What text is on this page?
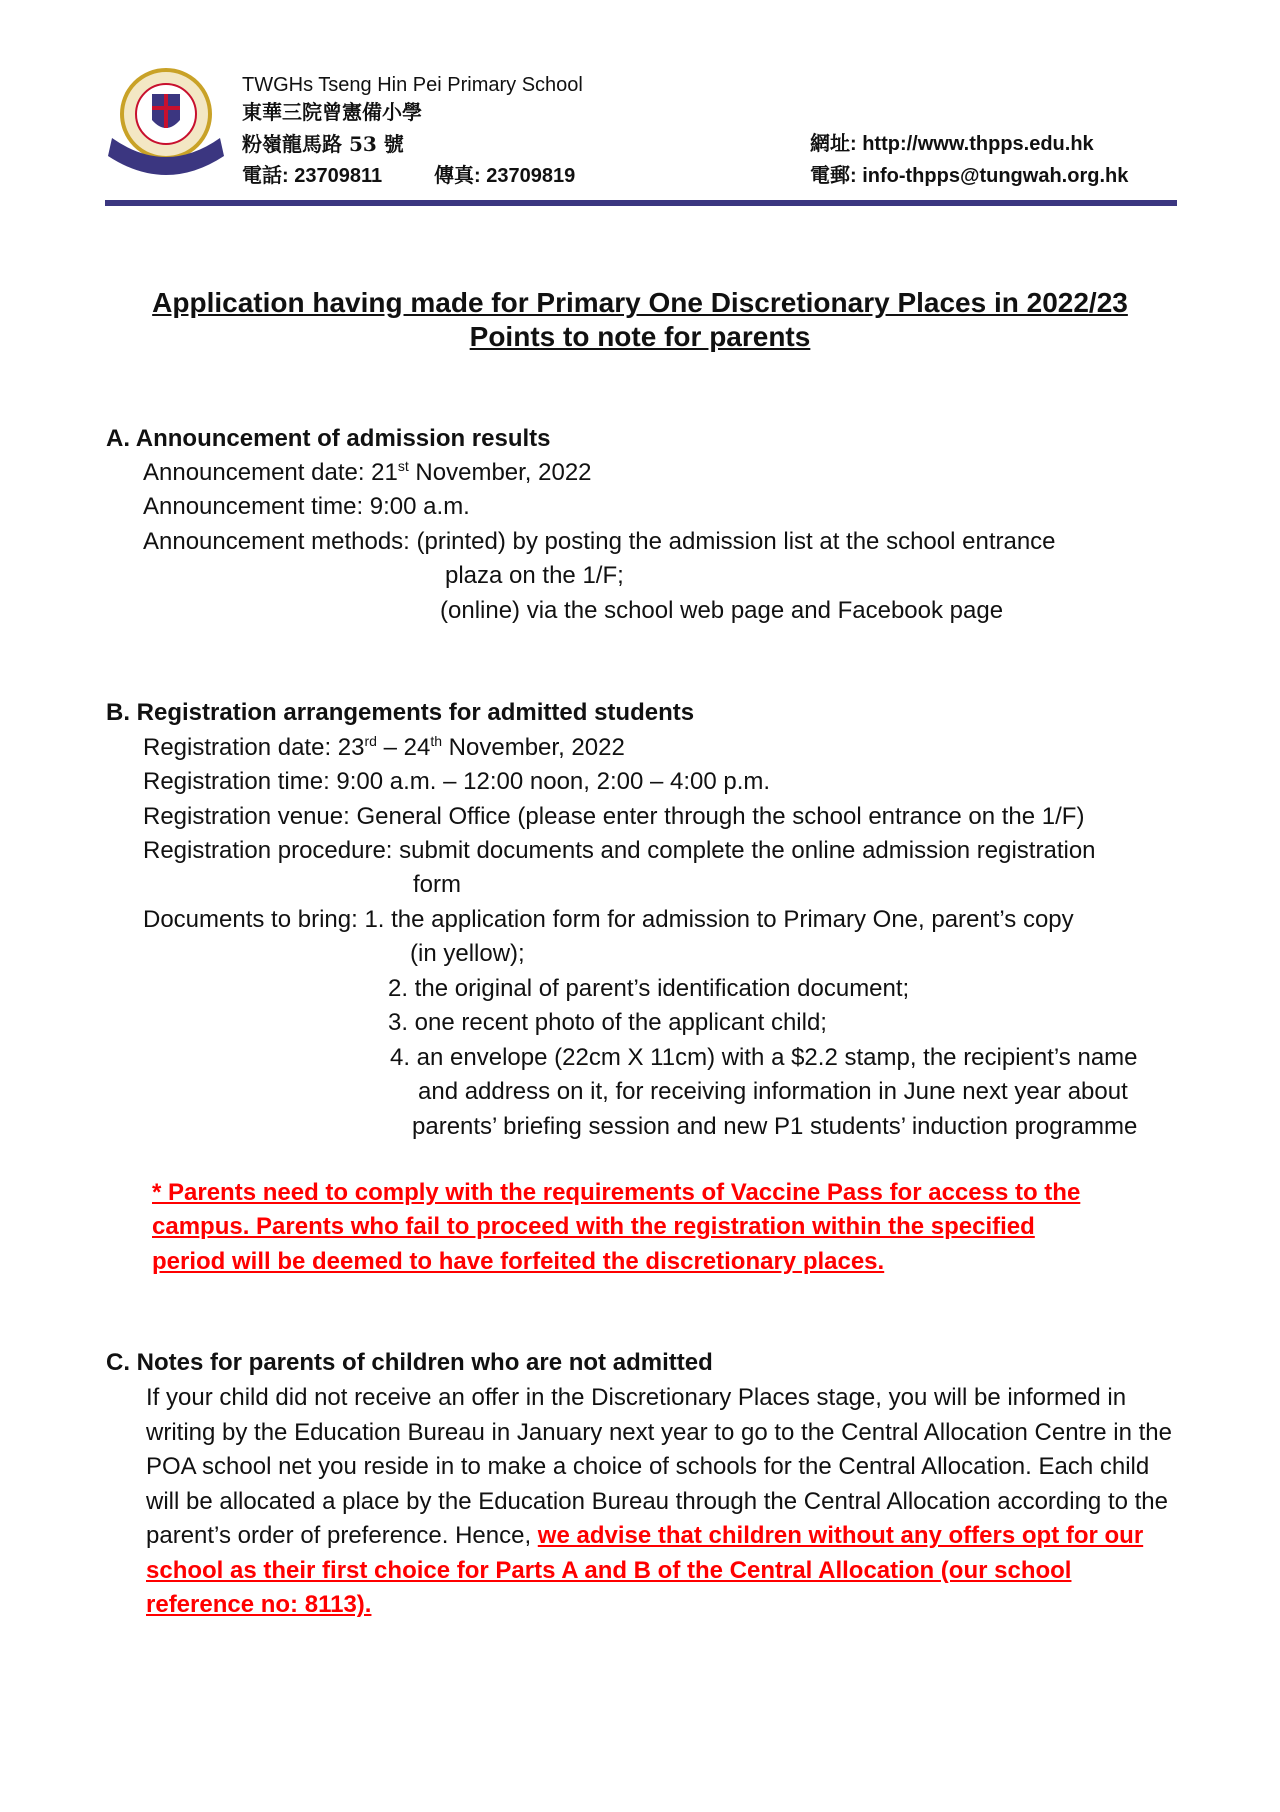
TWGHs Tseng Hin Pei Primary School
東華三院曾憲備小學
粉嶺龍馬路 53 號
電話: 23709811	傳真: 23709819
網址: http://www.thpps.edu.hk
電郵: info-thpps@tungwah.org.hk
Application having made for Primary One Discretionary Places in 2022/23
Points to note for parents
A. Announcement of admission results
Announcement date: 21st November, 2022
Announcement time: 9:00 a.m.
Announcement methods: (printed) by posting the admission list at the school entrance
plaza on the 1/F;
(online) via the school web page and Facebook page
B. Registration arrangements for admitted students
Registration date: 23rd – 24th November, 2022
Registration time: 9:00 a.m. – 12:00 noon, 2:00 – 4:00 p.m.
Registration venue: General Office (please enter through the school entrance on the 1/F)
Registration procedure: submit documents and complete the online admission registration
form
Documents to bring: 1. the application form for admission to Primary One, parent’s copy
(in yellow);
2. the original of parent’s identification document;
3. one recent photo of the applicant child;
4. an envelope (22cm X 11cm) with a $2.2 stamp, the recipient’s name
and address on it, for receiving information in June next year about
parents’ briefing session and new P1 students’ induction programme
* Parents need to comply with the requirements of Vaccine Pass for access to the
campus. Parents who fail to proceed with the registration within the specified
period will be deemed to have forfeited the discretionary places.
C. Notes for parents of children who are not admitted
If your child did not receive an offer in the Discretionary Places stage, you will be informed in writing by the Education Bureau in January next year to go to the Central Allocation Centre in the POA school net you reside in to make a choice of schools for the Central Allocation. Each child will be allocated a place by the Education Bureau through the Central Allocation according to the parent’s order of preference. Hence, we advise that children without any offers opt for our school as their first choice for Parts A and B of the Central Allocation (our school reference no: 8113).
